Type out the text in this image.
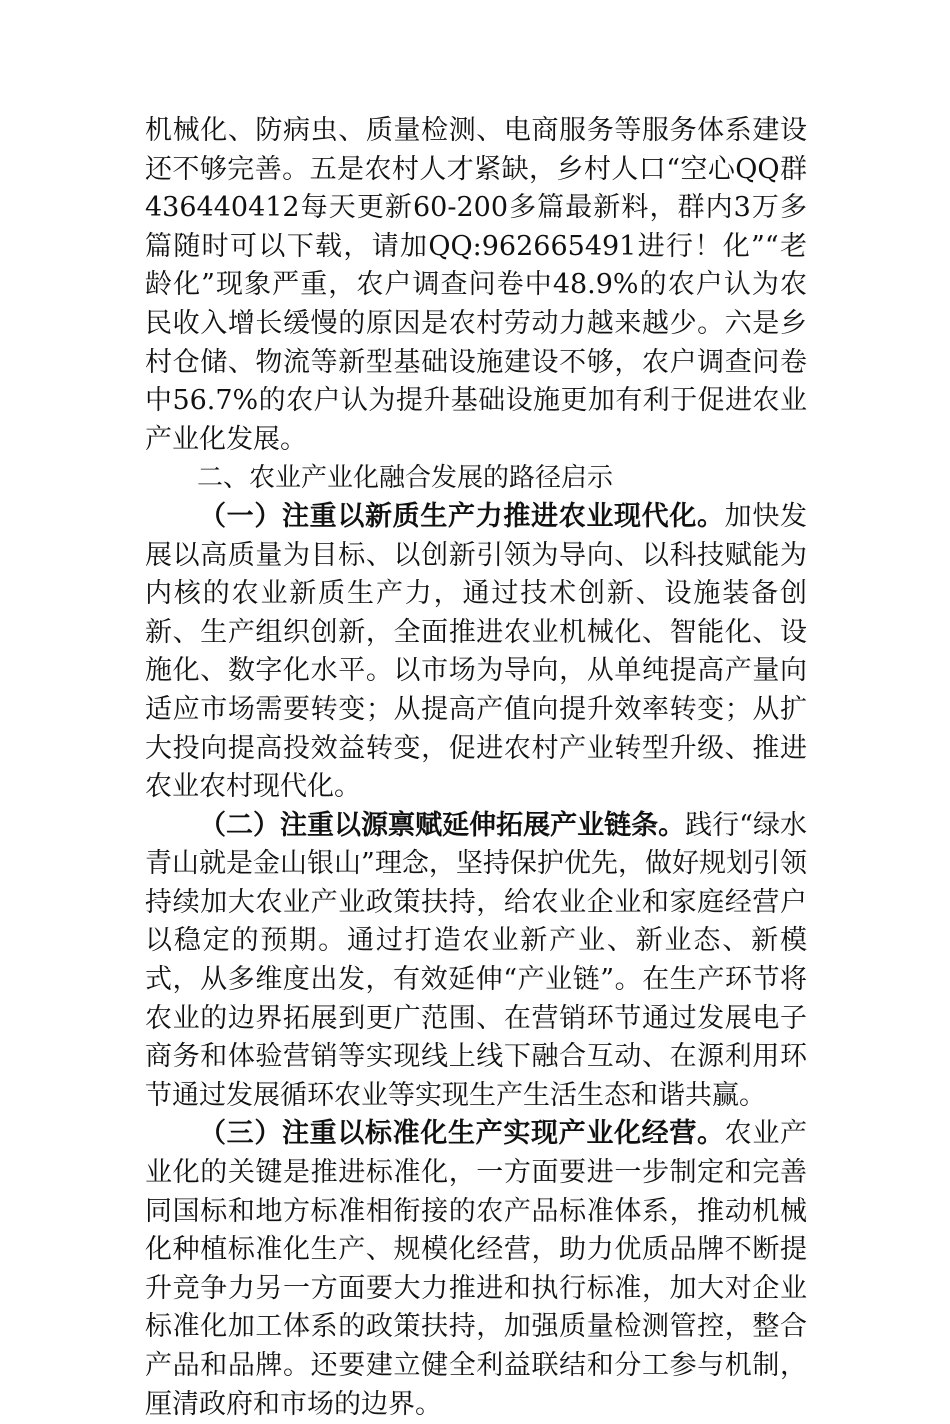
机械化、防病虫、质量检测、电商服务等服务体系建设还不够完善。五是农村人才紧缺，乡村人口“空心QQ群436440412每天更新60-200多篇最新料，群内3万多篇随时可以下载，请加QQ:962665491进行！化”“老龄化”现象严重，农户调查问卷中48.9%的农户认为农民收入增长缓慢的原因是农村劳动力越来越少。六是乡村仓储、物流等新型基础设施建设不够，农户调查问卷中56.7%的农户认为提升基础设施更加有利于促进农业产业化发展。

二、农业产业化融合发展的路径启示

（一）注重以新质生产力推进农业现代化。加快发展以高质量为目标、以创新引领为导向、以科技赋能为内核的农业新质生产力，通过技术创新、设施装备创新、生产组织创新，全面推进农业机械化、智能化、设施化、数字化水平。以市场为导向，从单纯提高产量向适应市场需要转变；从提高产值向提升效率转变；从扩大投向提高投效益转变，促进农村产业转型升级、推进农业农村现代化。

（二）注重以源禀赋延伸拓展产业链条。践行“绿水青山就是金山银山”理念，坚持保护优先，做好规划引领持续加大农业产业政策扶持，给农业企业和家庭经营户以稳定的预期。通过打造农业新产业、新业态、新模式，从多维度出发，有效延伸“产业链”。在生产环节将农业的边界拓展到更广范围、在营销环节通过发展电子商务和体验营销等实现线上线下融合互动、在源利用环节通过发展循环农业等实现生产生活生态和谐共赢。

（三）注重以标准化生产实现产业化经营。农业产业化的关键是推进标准化，一方面要进一步制定和完善同国标和地方标准相衔接的农产品标准体系，推动机械化种植标准化生产、规模化经营，助力优质品牌不断提升竞争力另一方面要大力推进和执行标准，加大对企业标准化加工体系的政策扶持，加强质量检测管控，整合产品和品牌。还要建立健全利益联结和分工参与机制，厘清政府和市场的边界。
